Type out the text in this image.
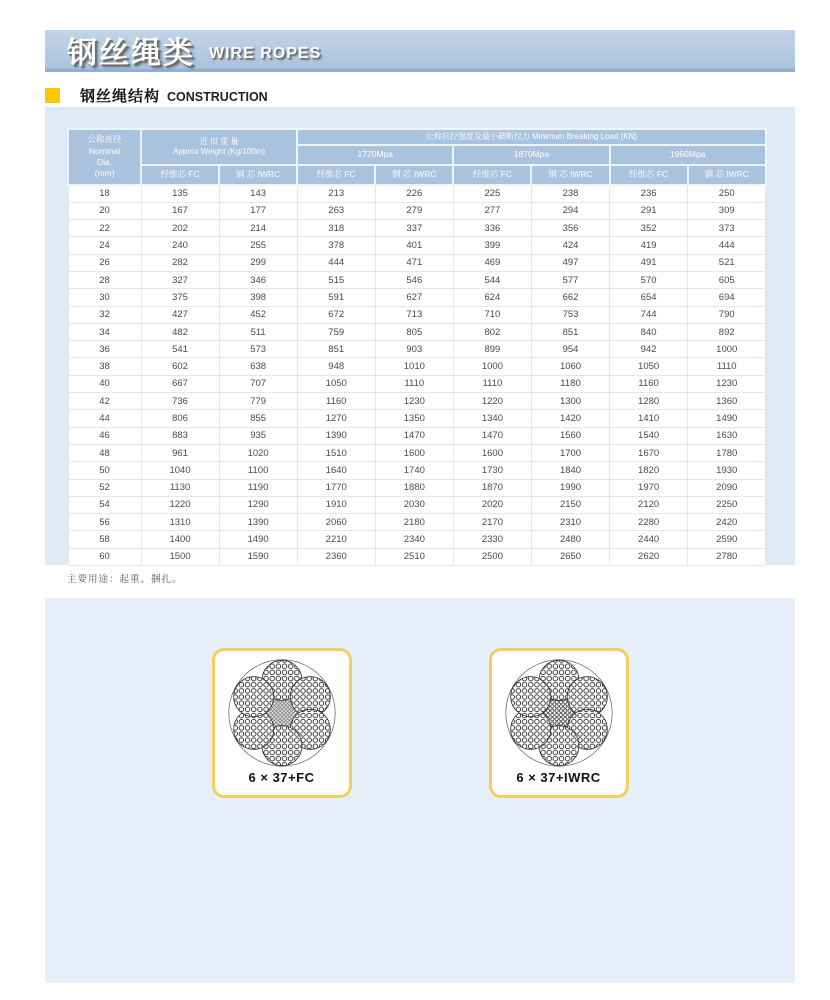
钢丝绳类 WIRE ROPES
钢丝绳结构 CONSTRUCTION
公称直径
Nominal
Dia.
(mm)

近 似 重 量
Approx Weight (Kg/100m)
	公称抗拉强度及最小破断拉力 Minimum Breaking Load (KN)
			1770Mpa		1870Mpa		1960Mpa	
	纤维芯 FC	钢 芯 IWRC	纤维芯 FC	钢 芯 IWRC	纤维芯 FC	钢 芯 IWRC	纤维芯 FC	钢 芯 IWRC
18	135	143	213	226	225	238	236	250
20	167	177	263	279	277	294	291	309
22	202	214	318	337	336	356	352	373
24	240	255	378	401	399	424	419	444
26	282	299	444	471	469	497	491	521
28	327	346	515	546	544	577	570	605
30	375	398	591	627	624	662	654	694
32	427	452	672	713	710	753	744	790
34	482	511	759	805	802	851	840	892
36	541	573	851	903	899	954	942	1000
38	602	638	948	1010	1000	1060	1050	1110
40	667	707	1050	1110	1110	1180	1160	1230
42	736	779	1160	1230	1220	1300	1280	1360
44	806	855	1270	1350	1340	1420	1410	1490
46	883	935	1390	1470	1470	1560	1540	1630
48	961	1020	1510	1600	1600	1700	1670	1780
50	1040	1100	1640	1740	1730	1840	1820	1930
52	1130	1190	1770	1880	1870	1990	1970	2090
54	1220	1290	1910	2030	2020	2150	2120	2250
56	1310	1390	2060	2180	2170	2310	2280	2420
58	1400	1490	2210	2340	2330	2480	2440	2590
60	1500	1590	2360	2510	2500	2650	2620	2780
主要用途：起重、捆扎。
6 × 37+FC	6 × 37+IWRC
